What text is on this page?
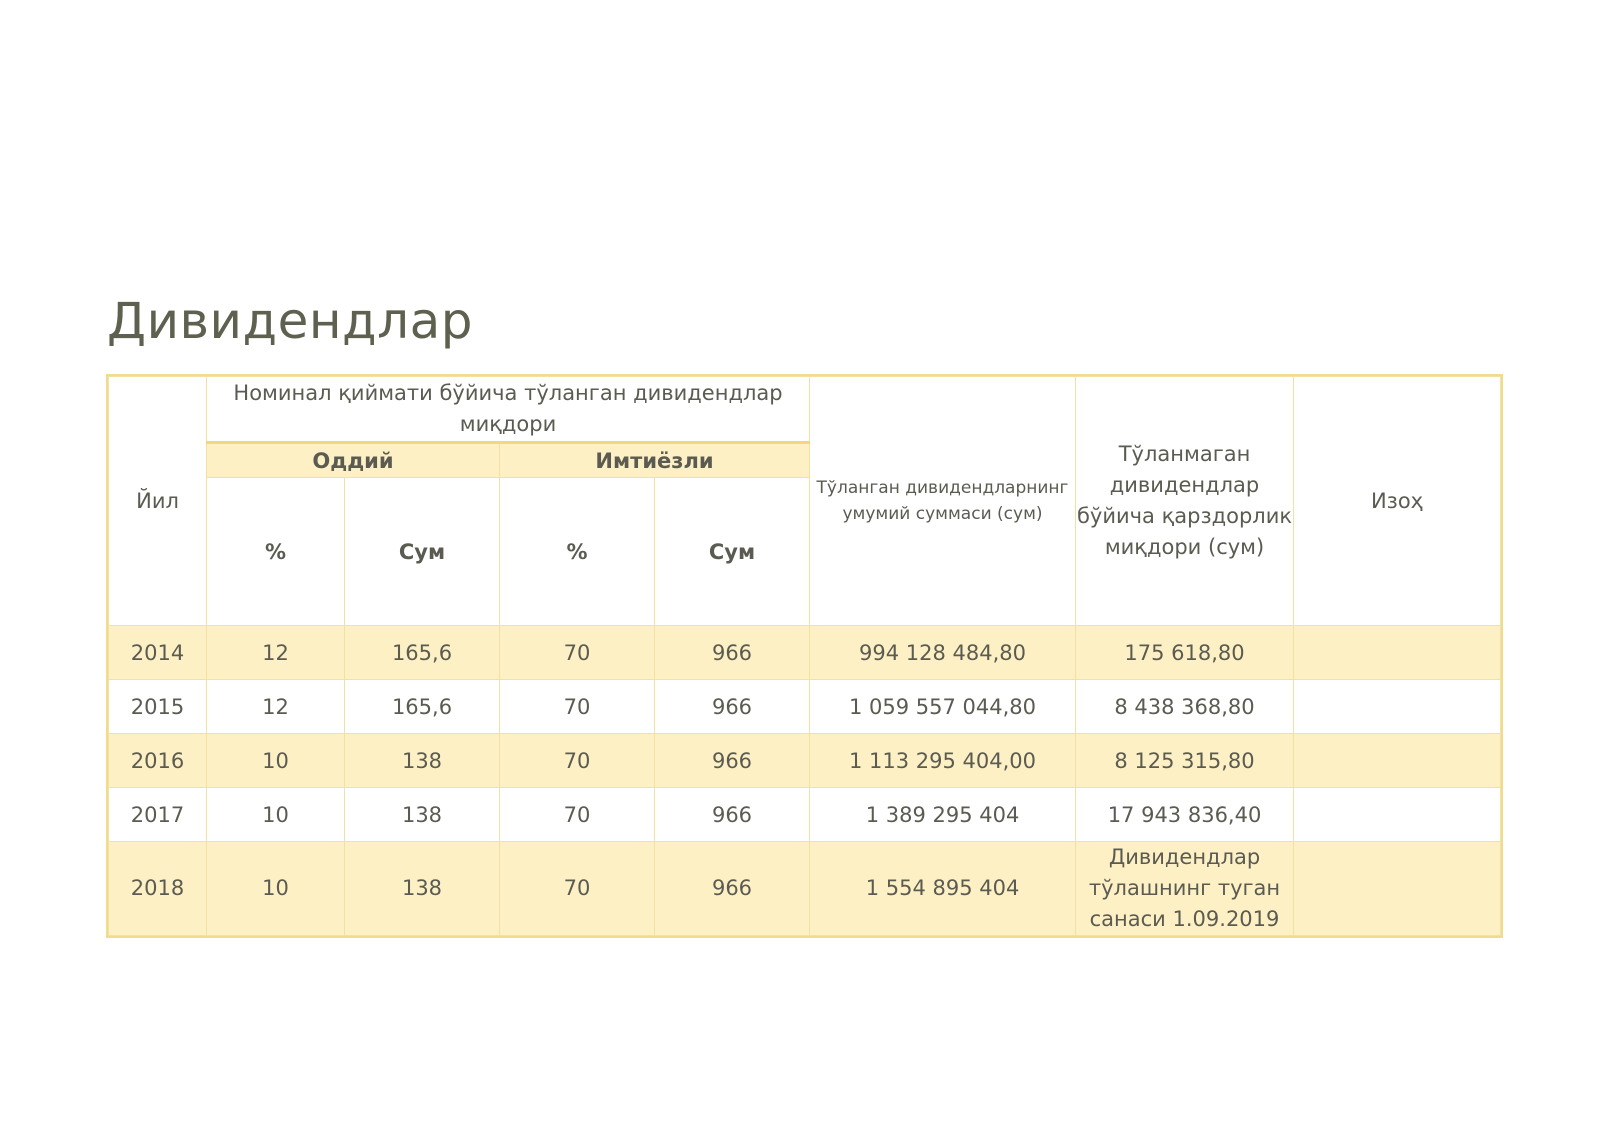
Дивидендлар
Йил	Номинал қиймати бўйича тўланган дивидендлар миқдори				Тўланган дивидендларнинг умумий суммаси (сум)	Тўланмаган дивидендлар бўйича қарздорлик миқдори (сум)	Изоҳ
	Оддий		Имтиёзли				
	%	Сум	%	Сум			
2014	12	165,6	70	966	994 128 484,80	175 618,80	
2015	12	165,6	70	966	1 059 557 044,80	8 438 368,80	
2016	10	138	70	966	1 113 295 404,00	8 125 315,80	
2017	10	138	70	966	1 389 295 404	17 943 836,40	
2018	10	138	70	966	1 554 895 404	Дивидендлар тўлашнинг туган санаси 1.09.2019	
